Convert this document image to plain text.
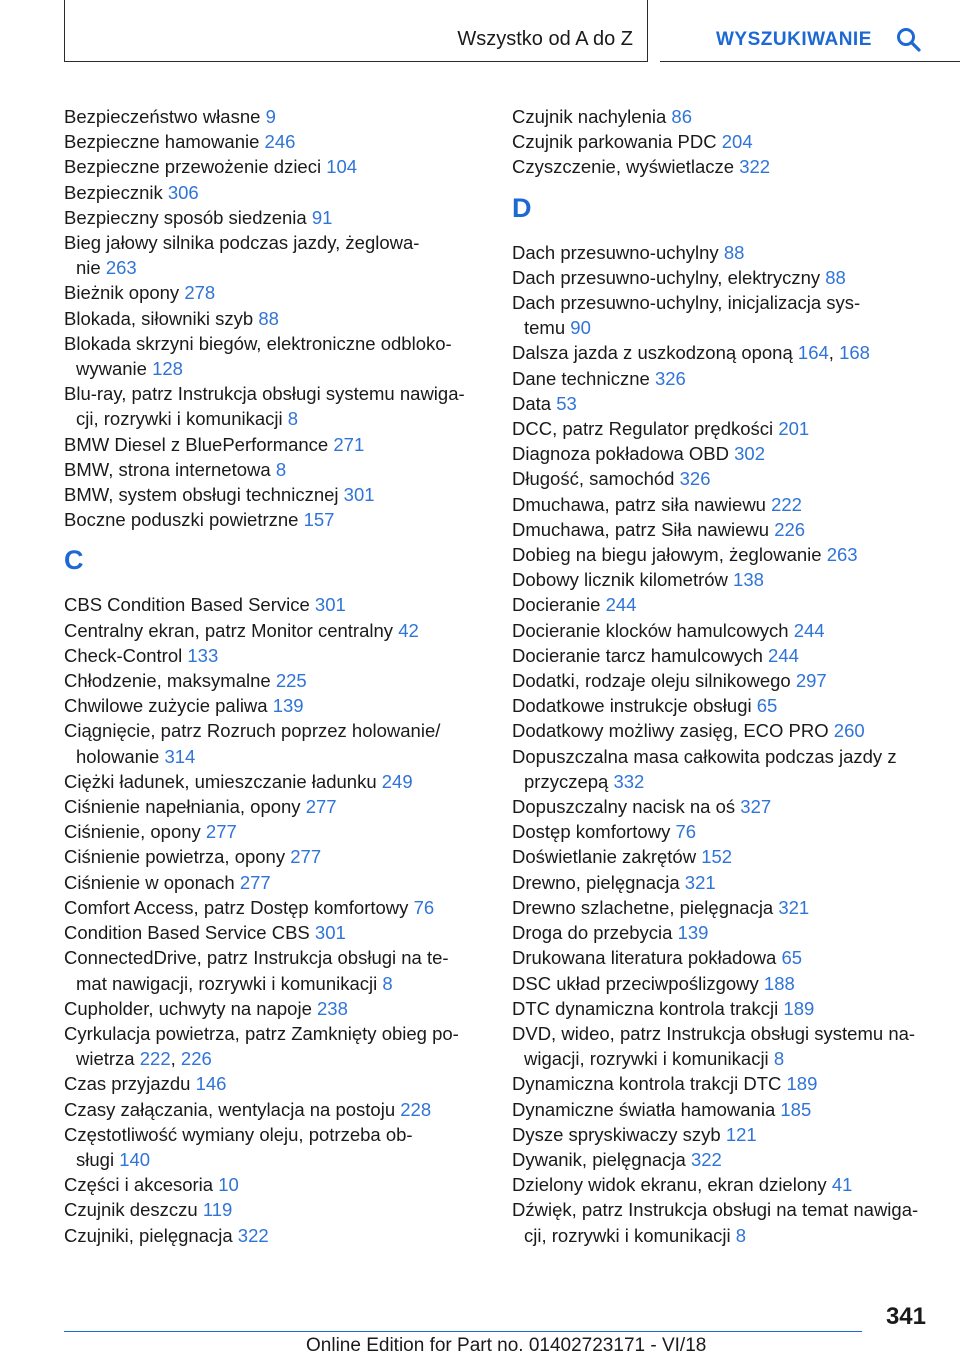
Wszystko od A do Z	WYSZUKIWANIE
Bezpieczeństwo własne 9
Bezpieczne hamowanie 246
Bezpieczne przewożenie dzieci 104
Bezpiecznik 306
Bezpieczny sposób siedzenia 91
Bieg jałowy silnika podczas jazdy, żeglowa-
nie 263
Bieżnik opony 278
Blokada, siłowniki szyb 88
Blokada skrzyni biegów, elektroniczne odbloko-
wywanie 128
Blu-ray, patrz Instrukcja obsługi systemu nawiga-
cji, rozrywki i komunikacji 8
BMW Diesel z BluePerformance 271
BMW, strona internetowa 8
BMW, system obsługi technicznej 301
Boczne poduszki powietrzne 157
C
CBS Condition Based Service 301
Centralny ekran, patrz Monitor centralny 42
Check-Control 133
Chłodzenie, maksymalne 225
Chwilowe zużycie paliwa 139
Ciągnięcie, patrz Rozruch poprzez holowanie/
holowanie 314
Ciężki ładunek, umieszczanie ładunku 249
Ciśnienie napełniania, opony 277
Ciśnienie, opony 277
Ciśnienie powietrza, opony 277
Ciśnienie w oponach 277
Comfort Access, patrz Dostęp komfortowy 76
Condition Based Service CBS 301
ConnectedDrive, patrz Instrukcja obsługi na te-
mat nawigacji, rozrywki i komunikacji 8
Cupholder, uchwyty na napoje 238
Cyrkulacja powietrza, patrz Zamknięty obieg po-
wietrza 222, 226
Czas przyjazdu 146
Czasy załączania, wentylacja na postoju 228
Częstotliwość wymiany oleju, potrzeba ob-
sługi 140
Części i akcesoria 10
Czujnik deszczu 119
Czujniki, pielęgnacja 322
Czujnik nachylenia 86
Czujnik parkowania PDC 204
Czyszczenie, wyświetlacze 322
D
Dach przesuwno-uchylny 88
Dach przesuwno-uchylny, elektryczny 88
Dach przesuwno-uchylny, inicjalizacja sys-
temu 90
Dalsza jazda z uszkodzoną oponą 164, 168
Dane techniczne 326
Data 53
DCC, patrz Regulator prędkości 201
Diagnoza pokładowa OBD 302
Długość, samochód 326
Dmuchawa, patrz siła nawiewu 222
Dmuchawa, patrz Siła nawiewu 226
Dobieg na biegu jałowym, żeglowanie 263
Dobowy licznik kilometrów 138
Docieranie 244
Docieranie klocków hamulcowych 244
Docieranie tarcz hamulcowych 244
Dodatki, rodzaje oleju silnikowego 297
Dodatkowe instrukcje obsługi 65
Dodatkowy możliwy zasięg, ECO PRO 260
Dopuszczalna masa całkowita podczas jazdy z
przyczepą 332
Dopuszczalny nacisk na oś 327
Dostęp komfortowy 76
Doświetlanie zakrętów 152
Drewno, pielęgnacja 321
Drewno szlachetne, pielęgnacja 321
Droga do przebycia 139
Drukowana literatura pokładowa 65
DSC układ przeciwpoślizgowy 188
DTC dynamiczna kontrola trakcji 189
DVD, wideo, patrz Instrukcja obsługi systemu na-
wigacji, rozrywki i komunikacji 8
Dynamiczna kontrola trakcji DTC 189
Dynamiczne światła hamowania 185
Dysze spryskiwaczy szyb 121
Dywanik, pielęgnacja 322
Dzielony widok ekranu, ekran dzielony 41
Dźwięk, patrz Instrukcja obsługi na temat nawiga-
cji, rozrywki i komunikacji 8
341
Online Edition for Part no. 01402723171 - VI/18
